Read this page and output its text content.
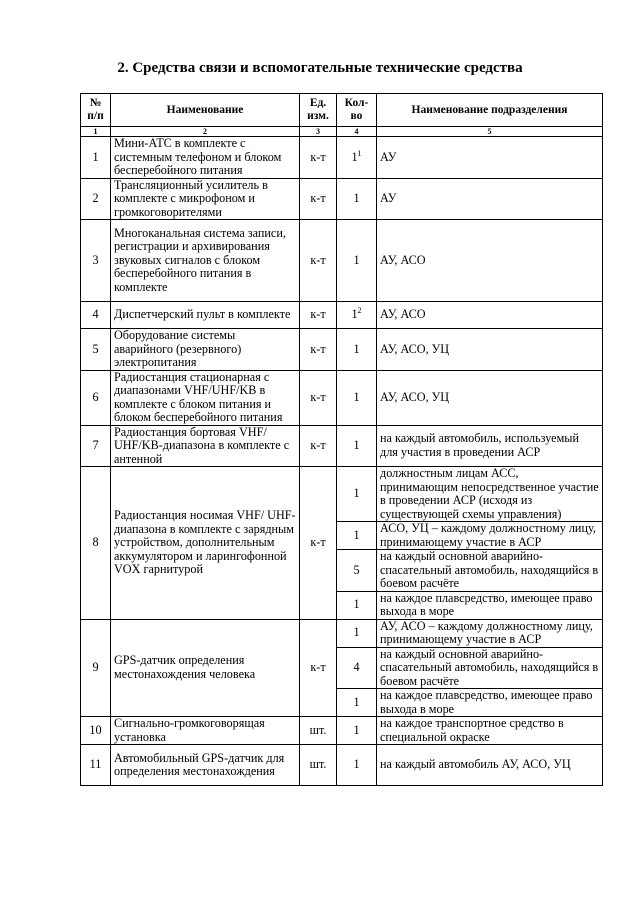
2. Средства связи и вспомогательные технические средства
№ п/п	Наименование	Ед. изм.	Кол-во	Наименование подразделения
1	2	3	4	5
1	Мини-АТС в комплекте с системным телефоном и блоком бесперебойного питания	к-т	$1^1$	АУ
2	Трансляционный усилитель в комплекте с микрофоном и громкоговорителями	к-т	1	АУ
3	Многоканальная система записи, регистрации и архивирования звуковых сигналов с блоком бесперебойного питания в комплекте	к-т	1	АУ, АСО
4	Диспетчерский пульт в комплекте	к-т	$1^2$	АУ, АСО
5	Оборудование системы аварийного (резервного) электропитания	к-т	1	АУ, АСО, УЦ
6	Радиостанция стационарная с диапазонами VHF/UHF/KB в комплекте с блоком питания и блоком бесперебойного питания	к-т	1	АУ, АСО, УЦ
7	Радиостанция бортовая VHF/ UHF/KB-диапазона в комплекте с антенной	к-т	1	на каждый автомобиль, используемый для участия в проведении АСР
8	Радиостанция носимая VHF/ UHF-диапазона в комплекте с зарядным устройством, дополнительным аккумулятором и ларингофонной VOX гарнитурой	к-т	1	должностным лицам АСС, принимающим непосредственное участие в проведении АСР (исходя из существующей схемы управления)
			1	АСО, УЦ – каждому должностному лицу, принимающему участие в АСР
			5	на каждый основной аварийно-спасательный автомобиль, находящийся в боевом расчёте
			1	на каждое плавсредство, имеющее право выхода в море
9	GPS-датчик определения местонахождения человека	к-т	1	АУ, АСО – каждому должностному лицу, принимающему участие в АСР
			4	на каждый основной аварийно-спасательный автомобиль, находящийся в боевом расчёте
			1	на каждое плавсредство, имеющее право выхода в море
10	Сигнально-громкоговорящая установка	шт.	1	на каждое транспортное средство в специальной окраске
11	Автомобильный GPS-датчик для определения местонахождения	шт.	1	на каждый автомобиль АУ, АСО, УЦ
